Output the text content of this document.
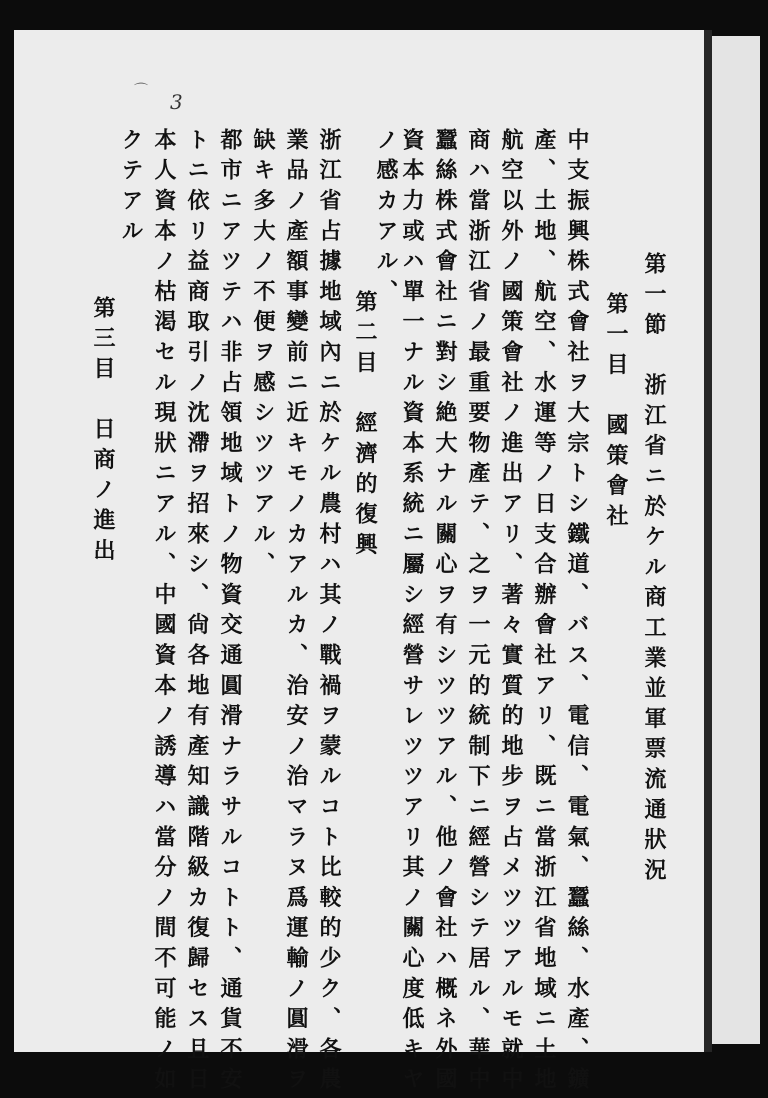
3
⌒
第一節　浙江省ニ於ケル商工業並軍票流通狀況
第一目　國策會社
中支振興株式會社ヲ大宗トシ鐵道、バス、電信、電氣、蠶絲、水產、鑛
產、土地、航空、水運等ノ日支合辦會社アリ、既ニ當浙江省地域ニ土地
航空以外ノ國策會社ノ進出アリ、著々實質的地步ヲ占メツツアルモ就中
商ハ當浙江省ノ最重要物產テ、之ヲ一元的統制下ニ經營シテ居ル、華中
蠶絲株式會社ニ對シ絶大ナル關心ヲ有シツツアル、他ノ會社ハ概ネ外國
資本力或ハ單一ナル資本系統ニ屬シ經營サレツツアリ其ノ關心度低キヤ
ノ感カアル、
第二目　經濟的復興
浙江省占據地域內ニ於ケル農村ハ其ノ戰禍ヲ蒙ルコト比較的少ク、各農
業品ノ產額事變前ニ近キモノカアルカ、治安ノ治マラヌ爲運輸ノ圓滑ヲ
缺キ多大ノ不便ヲ感シツツアル、
都市ニアツテハ非占領地域トノ物資交通圓滑ナラサルコトト、通貨不安
トニ依リ益商取引ノ沈滯ヲ招來シ、尙各地有產知識階級カ復歸セス且日
本人資本ノ枯渇セル現狀ニアル、中國資本ノ誘導ハ當分ノ間不可能ノ如
クテアル
第三目　日商ノ進出
